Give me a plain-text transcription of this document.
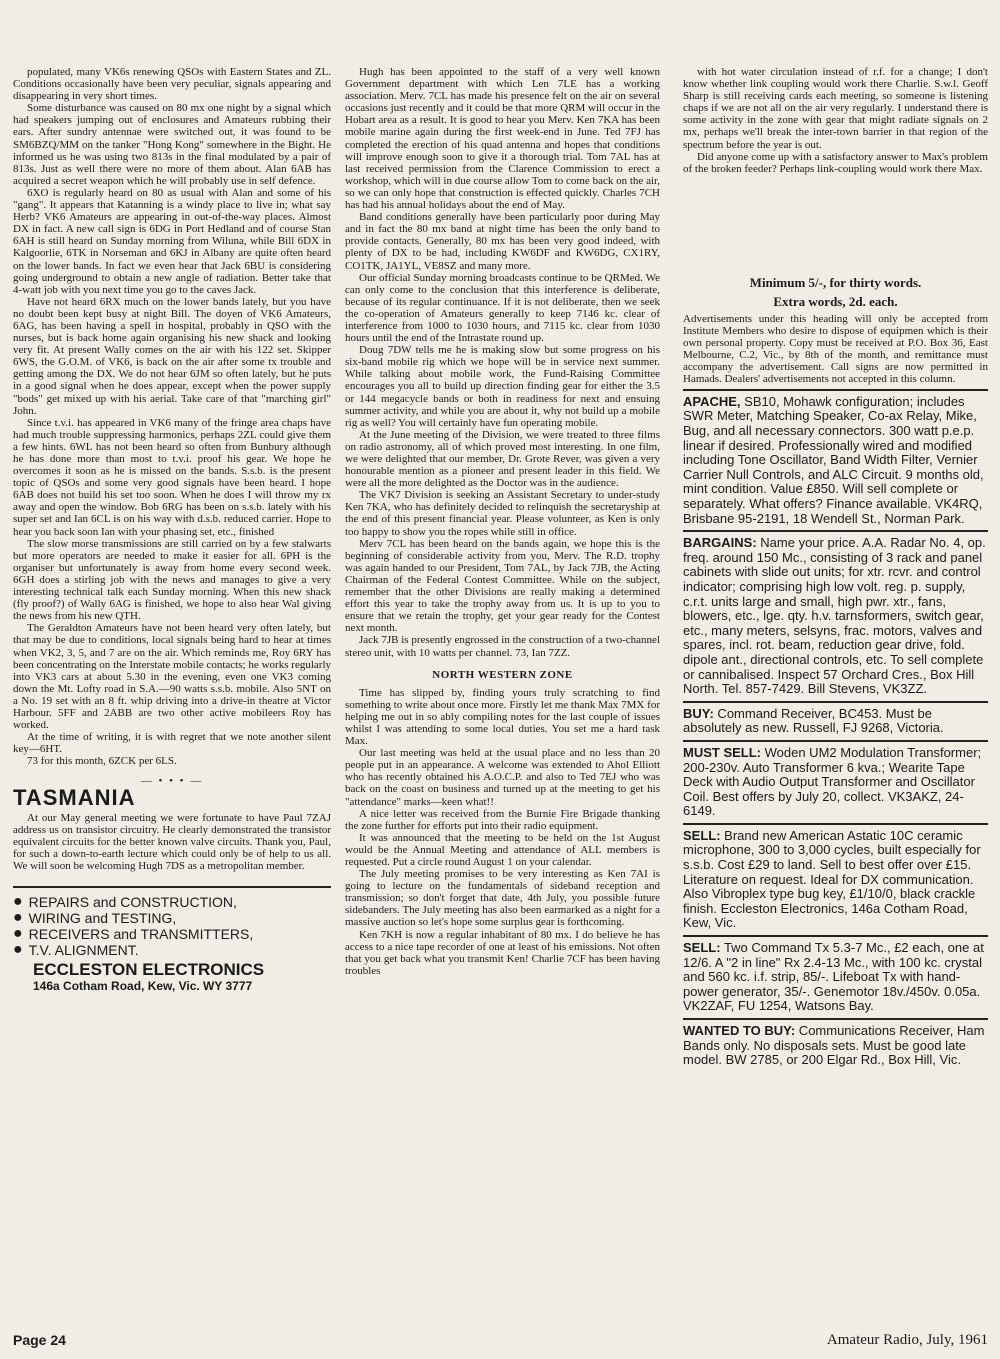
populated, many VK6s renewing QSOs with Eastern States and ZL. Conditions occasionally have been very peculiar, signals appearing and disappearing in very short times.

Some disturbance was caused on 80 mx one night by a signal which had speakers jumping out of enclosures and Amateurs rubbing their ears. After sundry antennae were switched out, it was found to be SM6BZQ/MM on the tanker "Hong Kong" somewhere in the Bight. He informed us he was using two 813s in the final modulated by a pair of 813s. Just as well there were no more of them about. Alan 6AB has acquired a secret weapon which he will probably use in self defence.

6XO is regularly heard on 80 as usual with Alan and some of his "gang". It appears that Katanning is a windy place to live in; what say Herb? VK6 Amateurs are appearing in out-of-the-way places. Almost DX in fact. A new call sign is 6DG in Port Hedland and of course Stan 6AH is still heard on Sunday morning from Wiluna, while Bill 6DX in Kalgoorlie, 6TK in Norseman and 6KJ in Albany are quite often heard on the lower bands. In fact we even hear that Jack 6BU is considering going underground to obtain a new angle of radiation. Better take that 4-watt job with you next time you go to the caves Jack.

Have not heard 6RX much on the lower bands lately, but you have no doubt been kept busy at night Bill. The doyen of VK6 Amateurs, 6AG, has been having a spell in hospital, probably in QSO with the nurses, but is back home again organising his new shack and looking very fit. At present Wally comes on the air with his 122 set. Skipper 6WS, the G.O.M. of VK6, is back on the air after some tx trouble and getting among the DX. We do not hear 6JM so often lately, but he puts in a good signal when he does appear, except when the power supply "bods" get mixed up with his aerial. Take care of that "marching girl" John.

Since t.v.i. has appeared in VK6 many of the fringe area chaps have had much trouble suppressing harmonics, perhaps 2ZL could give them a few hints. 6WL has not been heard so often from Bunbury although he has done more than most to t.v.i. proof his gear. We hope he overcomes it soon as he is missed on the bands. S.s.b. is the present topic of QSOs and some very good signals have been heard. I hope 6AB does not build his set too soon. When he does I will throw my rx away and open the window. Bob 6RG has been on s.s.b. lately with his super set and Ian 6CL is on his way with d.s.b. reduced carrier. Hope to hear you back soon Ian with your phasing set, etc., finished

The slow morse transmissions are still carried on by a few stalwarts but more operators are needed to make it easier for all. 6PH is the organiser but unfortunately is away from home every second week. 6GH does a stirling job with the news and manages to give a very interesting technical talk each Sunday morning. When this new shack (fly proof?) of Wally 6AG is finished, we hope to also hear Wal giving the news from his new QTH.

The Geraldton Amateurs have not been heard very often lately, but that may be due to conditions, local signals being hard to hear at times when VK2, 3, 5, and 7 are on the air. Which reminds me, Roy 6RY has been concentrating on the Interstate mobile contacts; he works regularly into VK3 cars at about 5.30 in the evening, even one VK3 coming down the Mt. Lofty road in S.A.—90 watts s.s.b. mobile. Also 5NT on a No. 19 set with an 8 ft. whip driving into a drive-in theatre at Victor Harbour. 5FF and 2ABB are two other active mobileers Roy has worked.

At the time of writing, it is with regret that we note another silent key—6HT.

73 for this month, 6ZCK per 6LS.

— • • • —
TASMANIA

At our May general meeting we were fortunate to have Paul 7ZAJ address us on transistor circuitry. He clearly demonstrated the transistor equivalent circuits for the better known valve circuits. Thank you, Paul, for such a down-to-earth lecture which could only be of help to us all. We will soon be welcoming Hugh 7DS as a metropolitan member.

● REPAIRS and CONSTRUCTION,
● WIRING and TESTING,
● RECEIVERS and TRANSMITTERS,
● T.V. ALIGNMENT.
ECCLESTON ELECTRONICS
146a Cotham Road, Kew, Vic. WY 3777

Hugh has been appointed to the staff of a very well known Government department with which Len 7LE has a working association. Merv. 7CL has made his presence felt on the air on several occasions just recently and it could be that more QRM will occur in the Hobart area as a result. It is good to hear you Merv. Ken 7KA has been mobile marine again during the first week-end in June. Ted 7FJ has completed the erection of his quad antenna and hopes that conditions will improve enough soon to give it a thorough trial. Tom 7AL has at last received permission from the Clarence Commission to erect a workshop, which will in due course allow Tom to come back on the air, so we can only hope that construction is effected quickly. Charles 7CH has had his annual holidays about the end of May.

Band conditions generally have been particularly poor during May and in fact the 80 mx band at night time has been the only band to provide contacts. Generally, 80 mx has been very good indeed, with plenty of DX to be had, including KW6DF and KW6DG, CX1RY, CO1TK, JA1YL, VE8SZ and many more.

Our official Sunday morning broadcasts continue to be QRMed. We can only come to the conclusion that this interference is deliberate, because of its regular continuance. If it is not deliberate, then we seek the co-operation of Amateurs generally to keep 7146 kc. clear of interference from 1000 to 1030 hours, and 7115 kc. clear from 1030 hours until the end of the Intrastate round up.

Doug 7DW tells me he is making slow but some progress on his six-band mobile rig which we hope will be in service next summer. While talking about mobile work, the Fund-Raising Committee encourages you all to build up direction finding gear for either the 3.5 or 144 megacycle bands or both in readiness for next and ensuing summer activity, and while you are about it, why not build up a mobile rig as well? You will certainly have fun operating mobile.

At the June meeting of the Division, we were treated to three films on radio astronomy, all of which proved most interesting. In one film, we were delighted that our member, Dr. Grote Rever, was given a very honourable mention as a pioneer and present leader in this field. We were all the more delighted as the Doctor was in the audience.

The VK7 Division is seeking an Assistant Secretary to under-study Ken 7KA, who has definitely decided to relinquish the secretaryship at the end of this present financial year. Please volunteer, as Ken is only too happy to show you the ropes while still in office.

Merv 7CL has been heard on the bands again, we hope this is the beginning of considerable activity from you, Merv. The R.D. trophy was again handed to our President, Tom 7AL, by Jack 7JB, the Acting Chairman of the Federal Contest Committee. While on the subject, remember that the other Divisions are really making a determined effort this year to take the trophy away from us. It is up to you to ensure that we retain the trophy, get your gear ready for the Contest next month.

Jack 7JB is presently engrossed in the construction of a two-channel stereo unit, with 10 watts per channel. 73, Ian 7ZZ.

NORTH WESTERN ZONE

Time has slipped by, finding yours truly scratching to find something to write about once more. Firstly let me thank Max 7MX for helping me out in so ably compiling notes for the last couple of issues whilst I was attending to some local duties. You set me a hard task Max.

Our last meeting was held at the usual place and no less than 20 people put in an appearance. A welcome was extended to Ahol Elliott who has recently obtained his A.O.C.P. and also to Ted 7EJ who was back on the coast on business and turned up at the meeting to get his "attendance" marks—keen what!!

A nice letter was received from the Burnie Fire Brigade thanking the zone further for efforts put into their radio equipment.

It was announced that the meeting to be held on the 1st August would be the Annual Meeting and attendance of ALL members is requested. Put a circle round August 1 on your calendar.

The July meeting promises to be very interesting as Ken 7AI is going to lecture on the fundamentals of sideband reception and transmission; so don't forget that date, 4th July, you possible future sidebanders. The July meeting has also been earmarked as a night for a massive auction so let's hope some surplus gear is forthcoming.

Ken 7KH is now a regular inhabitant of 80 mx. I do believe he has access to a nice tape recorder of one at least of his emissions. Not often that you get back what you transmit Ken! Charlie 7CF has been having troubles

with hot water circulation instead of r.f. for a change; I don't know whether link coupling would work there Charlie. S.w.l. Geoff Sharp is still receiving cards each meeting, so someone is listening chaps if we are not all on the air very regularly. I understand there is some activity in the zone with gear that might radiate signals on 2 mx, perhaps we'll break the inter-town barrier in that region of the spectrum before the year is out.

Did anyone come up with a satisfactory answer to Max's problem of the broken feeder? Perhaps link-coupling would work there Max.

Minimum 5/-, for thirty words.
Extra words, 2d. each.
Advertisements under this heading will only be accepted from Institute Members who desire to dispose of equipmen which is their own personal property. Copy must be received at P.O. Box 36, East Melbourne, C.2, Vic., by 8th of the month, and remittance must accompany the advertisement. Call signs are now permitted in Hamads. Dealers' advertisements not accepted in this column.
APACHE, SB10, Mohawk configuration; includes SWR Meter, Matching Speaker, Co-ax Relay, Mike, Bug, and all necessary connectors. 300 watt p.e.p. linear if desired. Professionally wired and modified including Tone Oscillator, Band Width Filter, Vernier Carrier Null Controls, and ALC Circuit. 9 months old, mint condition. Value £850. Will sell complete or separately. What offers? Finance available. VK4RQ, Brisbane 95-2191, 18 Wendell St., Norman Park.
BARGAINS: Name your price. A.A. Radar No. 4, op. freq. around 150 Mc., consisting of 3 rack and panel cabinets with slide out units; for xtr. rcvr. and control indicator; comprising high low volt. reg. p. supply, c.r.t. units large and small, high pwr. xtr., fans, blowers, etc., lge. qty. h.v. tarnsformers, switch gear, etc., many meters, selsyns, frac. motors, valves and spares, incl. rot. beam, reduction gear drive, fold. dipole ant., directional controls, etc. To sell complete or cannibalised. Inspect 57 Orchard Cres., Box Hill North. Tel. 857-7429. Bill Stevens, VK3ZZ.
BUY: Command Receiver, BC453. Must be absolutely as new. Russell, FJ 9268, Victoria.
MUST SELL: Woden UM2 Modulation Transformer; 200-230v. Auto Transformer 6 kva.; Wearite Tape Deck with Audio Output Transformer and Oscillator Coil. Best offers by July 20, collect. VK3AKZ, 24-6149.
SELL: Brand new American Astatic 10C ceramic microphone, 300 to 3,000 cycles, built especially for s.s.b. Cost £29 to land. Sell to best offer over £15. Literature on request. Ideal for DX communication. Also Vibroplex type bug key, £1/10/0, black crackle finish. Eccleston Electronics, 146a Cotham Road, Kew, Vic.
SELL: Two Command Tx 5.3-7 Mc., £2 each, one at 12/6. A "2 in line" Rx 2.4-13 Mc., with 100 kc. crystal and 560 kc. i.f. strip, 85/-. Lifeboat Tx with hand-power generator, 35/-. Genemotor 18v./450v. 0.05a. VK2ZAF, FU 1254, Watsons Bay.
WANTED TO BUY: Communications Receiver, Ham Bands only. No disposals sets. Must be good late model. BW 2785, or 200 Elgar Rd., Box Hill, Vic.
Page 24	Amateur Radio, July, 1961
